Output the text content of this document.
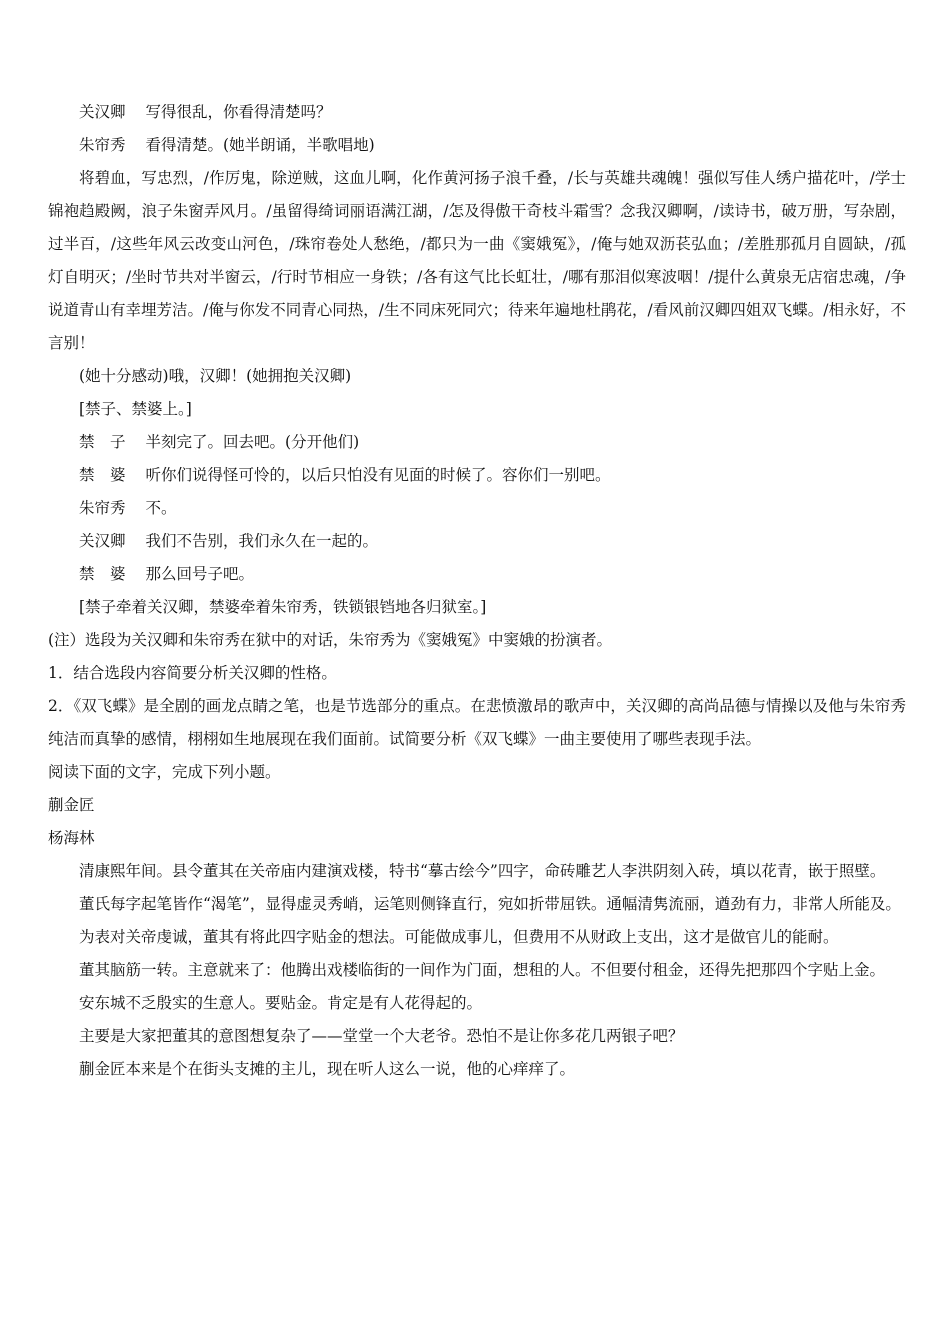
关汉卿 写得很乱，你看得清楚吗？

朱帘秀 看得清楚。(她半朗诵，半歌唱地)

将碧血，写忠烈，/作厉鬼，除逆贼，这血儿啊，化作黄河扬子浪千叠，/长与英雄共魂魄！强似写佳人绣户描花叶，/学士锦袍趋殿阙，浪子朱窗弄风月。/虽留得绮词丽语满江湖，/怎及得傲干奇枝斗霜雪？念我汉卿啊，/读诗书，破万册，写杂剧，过半百，/这些年风云改变山河色，/珠帘卷处人愁绝，/都只为一曲《窦娥冤》，/俺与她双沥苌弘血；/差胜那孤月自圆缺，/孤灯自明灭；/坐时节共对半窗云，/行时节相应一身铁；/各有这气比长虹壮，/哪有那泪似寒波咽！/提什么黄泉无店宿忠魂，/争说道青山有幸埋芳洁。/俺与你发不同青心同热，/生不同床死同穴；待来年遍地杜鹃花，/看风前汉卿四姐双飞蝶。/相永好，不言别！

(她十分感动)哦，汉卿！(她拥抱关汉卿)

[禁子、禁婆上。]

禁　子 半刻完了。回去吧。(分开他们)

禁　婆 听你们说得怪可怜的，以后只怕没有见面的时候了。容你们一别吧。

朱帘秀 不。

关汉卿 我们不告别，我们永久在一起的。

禁　婆 那么回号子吧。

[禁子牵着关汉卿，禁婆牵着朱帘秀，铁锁银铛地各归狱室。]

(注）选段为关汉卿和朱帘秀在狱中的对话，朱帘秀为《窦娥冤》中窦娥的扮演者。

1．结合选段内容简要分析关汉卿的性格。

2．《双飞蝶》是全剧的画龙点睛之笔，也是节选部分的重点。在悲愤激昂的歌声中，关汉卿的高尚品德与情操以及他与朱帘秀纯洁而真挚的感情，栩栩如生地展现在我们面前。试简要分析《双飞蝶》一曲主要使用了哪些表现手法。

阅读下面的文字，完成下列小题。

蒯金匠

杨海林

清康熙年间。县令董其在关帝庙内建演戏楼，特书“摹古绘今”四字，命砖雕艺人李洪阴刻入砖，填以花青，嵌于照壁。

董氏每字起笔皆作“渴笔”，显得虚灵秀峭，运笔则侧锋直行，宛如折带屈铁。通幅清隽流丽，遒劲有力，非常人所能及。

为表对关帝虔诚，董其有将此四字贴金的想法。可能做成事儿，但费用不从财政上支出，这才是做官儿的能耐。

董其脑筋一转。主意就来了：他腾出戏楼临街的一间作为门面，想租的人。不但要付租金，还得先把那四个字贴上金。

安东城不乏殷实的生意人。要贴金。肯定是有人花得起的。

主要是大家把董其的意图想复杂了——堂堂一个大老爷。恐怕不是让你多花几两银子吧？

蒯金匠本来是个在街头支摊的主儿，现在听人这么一说，他的心痒痒了。
